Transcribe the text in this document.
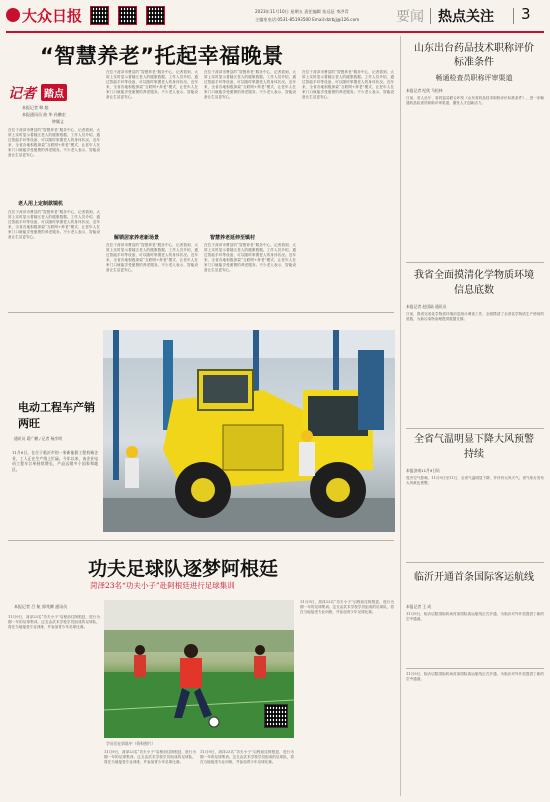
大众日报	2023年11月10日 星期五 责任编辑 张远征 李洪青
主编室电话:0531-85193500 Email:dzrbjj@126.com	要闻 热点关注 3
“智慧养老”托起幸福晚景
记者 踏点
本报记者 韩 超
本报通讯员 曲 华 孙鹏宏
钟颖义
在位于菏泽市曹县的“智慧养老”服务中心，记者看到，大屏上实时显示着辖区老人的健康数据。工作人员介绍，通过智能手环等设备，可以随时掌握老人的身体状况。近年来，全省各地积极探索“互联网+养老”模式，让老年人在家门口就能享受便捷的养老服务。不少老人表示，智能设备让生活更安心。
老人用上定制款镜机
在位于菏泽市曹县的“智慧养老”服务中心，记者看到，大屏上实时显示着辖区老人的健康数据。工作人员介绍，通过智能手环等设备，可以随时掌握老人的身体状况。近年来，全省各地积极探索“互联网+养老”模式，让老年人在家门口就能享受便捷的养老服务。不少老人表示，智能设备让生活更安心。
在位于菏泽市曹县的“智慧养老”服务中心，记者看到，大屏上实时显示着辖区老人的健康数据。工作人员介绍，通过智能手环等设备，可以随时掌握老人的身体状况。近年来，全省各地积极探索“互联网+养老”模式，让老年人在家门口就能享受便捷的养老服务。不少老人表示，智能设备让生活更安心。
解锁居家养老新场景
在位于菏泽市曹县的“智慧养老”服务中心，记者看到，大屏上实时显示着辖区老人的健康数据。工作人员介绍，通过智能手环等设备，可以随时掌握老人的身体状况。近年来，全省各地积极探索“互联网+养老”模式，让老年人在家门口就能享受便捷的养老服务。不少老人表示，智能设备让生活更安心。
在位于菏泽市曹县的“智慧养老”服务中心，记者看到，大屏上实时显示着辖区老人的健康数据。工作人员介绍，通过智能手环等设备，可以随时掌握老人的身体状况。近年来，全省各地积极探索“互联网+养老”模式，让老年人在家门口就能享受便捷的养老服务。不少老人表示，智能设备让生活更安心。
智慧养老延伸至镇村
在位于菏泽市曹县的“智慧养老”服务中心，记者看到，大屏上实时显示着辖区老人的健康数据。工作人员介绍，通过智能手环等设备，可以随时掌握老人的身体状况。近年来，全省各地积极探索“互联网+养老”模式，让老年人在家门口就能享受便捷的养老服务。不少老人表示，智能设备让生活更安心。
在位于菏泽市曹县的“智慧养老”服务中心，记者看到，大屏上实时显示着辖区老人的健康数据。工作人员介绍，通过智能手环等设备，可以随时掌握老人的身体状况。近年来，全省各地积极探索“互联网+养老”模式，让老年人在家门口就能享受便捷的养老服务。不少老人表示，智能设备让生活更安心。
电动工程车产销两旺
通讯员 葛广鹏 / 记者 杨彦明
11月8日，在位于临沂市的一家新能源工程机械企业，工人正在生产线上忙碌。今年以来，该企业电动工程车订单持续增长，产品远销多个国家和地区。
功夫足球队逐梦阿根廷
菏泽23名“功夫小子”赴阿根廷进行足球集训
本报记者 吕 航 郭兆腾 通讯员
11月9日，菏泽23名“功夫小子”启程前往阿根廷，进行为期一年的足球集训。这支由武术学校学员组成的足球队，将在当地接受专业训练，并参加青少年足球比赛。
学员们在训练中（资料照片）
11月9日，菏泽23名“功夫小子”启程前往阿根廷，进行为期一年的足球集训。这支由武术学校学员组成的足球队，将在当地接受专业训练，并参加青少年足球比赛。
11月9日，菏泽23名“功夫小子”启程前往阿根廷，进行为期一年的足球集训。这支由武术学校学员组成的足球队，将在当地接受专业训练，并参加青少年足球比赛。
11月9日，菏泽23名“功夫小子”启程前往阿根廷，进行为期一年的足球集训。这支由武术学校学员组成的足球队，将在当地接受专业训练，并参加青少年足球比赛。
山东出台药品技术职称评价标准条件
畅通检查员职称评审渠道
本报记者 纪欣 马松林
日前，省人社厅、省药监局联合印发《山东省药品技术职称评价标准条件》，进一步畅通药品检查员职称评审渠道，激发人才创新活力。
我省全面摸清化学物质环境信息底数
本报记者 赵国陆 通讯员
日前，我省完成化学物质环境信息统计调查工作，全面摸清了全省化学物质生产使用的底数，为新污染物治理提供数据支撑。
全省气温明显下降大风预警持续
本报济南11月9日讯
受冷空气影响，11月9日至11日，全省气温明显下降，并伴有大风天气。省气象台发布大风黄色预警。
临沂开通首条国际客运航线
本报记者 王 成
11月9日，临沂启阳国际机场首条国际客运航线正式开通，为临沂对外开放提供了新的空中通道。
11月9日，临沂启阳国际机场首条国际客运航线正式开通，为临沂对外开放提供了新的空中通道。
